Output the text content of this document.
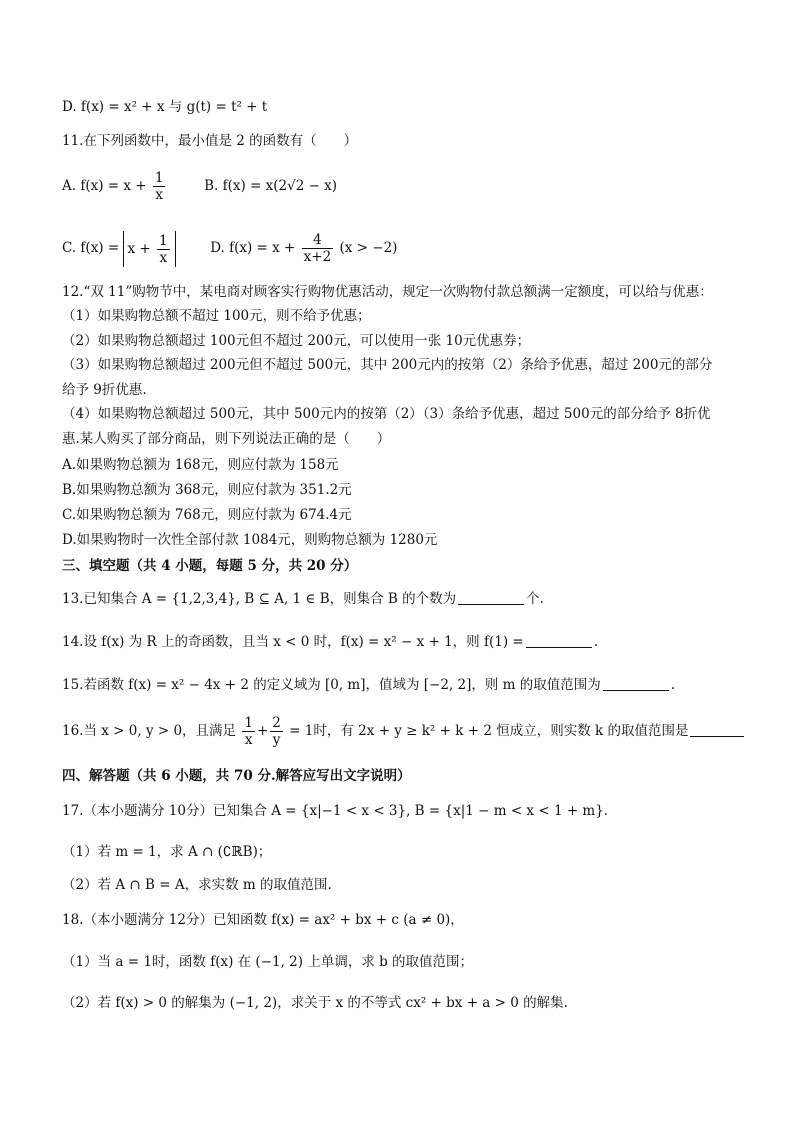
D. f(x) = x² + x 与 g(t) = t² + t
11.在下列函数中，最小值是 2 的函数有（　　）
A. $f(x) = x + \frac{1}{x}$	B. f(x) = x(2√2 − x)
C. $f(x) = x + \frac{1}{x}$	D. $f(x) = x + \frac{4}{x+2} (x > -2)$
12.“双 11”购物节中，某电商对顾客实行购物优惠活动，规定一次购物付款总额满一定额度，可以给与优惠：
（1）如果购物总额不超过 100元，则不给予优惠；
（2）如果购物总额超过 100元但不超过 200元，可以使用一张 10元优惠券；
（3）如果购物总额超过 200元但不超过 500元，其中 200元内的按第（2）条给予优惠，超过 200元的部分
给予 9折优惠.
（4）如果购物总额超过 500元，其中 500元内的按第（2）（3）条给予优惠，超过 500元的部分给予 8折优
惠.某人购买了部分商品，则下列说法正确的是（　　）
A.如果购物总额为 168元，则应付款为 158元
B.如果购物总额为 368元，则应付款为 351.2元
C.如果购物总额为 768元，则应付款为 674.4元
D.如果购物时一次性全部付款 1084元，则购物总额为 1280元
三、填空题（共 4 小题，每题 5 分，共 20 分）
13.已知集合 A = {1,2,3,4}, B ⊆ A, 1 ∈ B，则集合 B 的个数为	个.
14.设 f(x) 为 R 上的奇函数，且当 x < 0 时，f(x) = x² − x + 1，则 f(1) =	.
15.若函数 f(x) = x² − 4x + 2 的定义域为 [0, m]，值域为 [−2, 2]，则 m 的取值范围为	.
16.当 x > 0, y > 0，且满足 $\frac{1}{x} + \frac{2}{y} = 1$时，有 2x + y ≥ k² + k + 2 恒成立，则实数 k 的取值范围是
四、解答题（共 6 小题，共 70 分.解答应写出文字说明）
17.（本小题满分 10分）已知集合 A = {x|−1 < x < 3}, B = {x|1 − m < x < 1 + m}.
（1）若 m = 1，求 A ∩ (∁ℝB)；
（2）若 A ∩ B = A，求实数 m 的取值范围.
18.（本小题满分 12分）已知函数 f(x) = ax² + bx + c (a ≠ 0)，
（1）当 a = 1时，函数 f(x) 在 (−1, 2) 上单调，求 b 的取值范围；
（2）若 f(x) > 0 的解集为 (−1, 2)，求关于 x 的不等式 cx² + bx + a > 0 的解集.
